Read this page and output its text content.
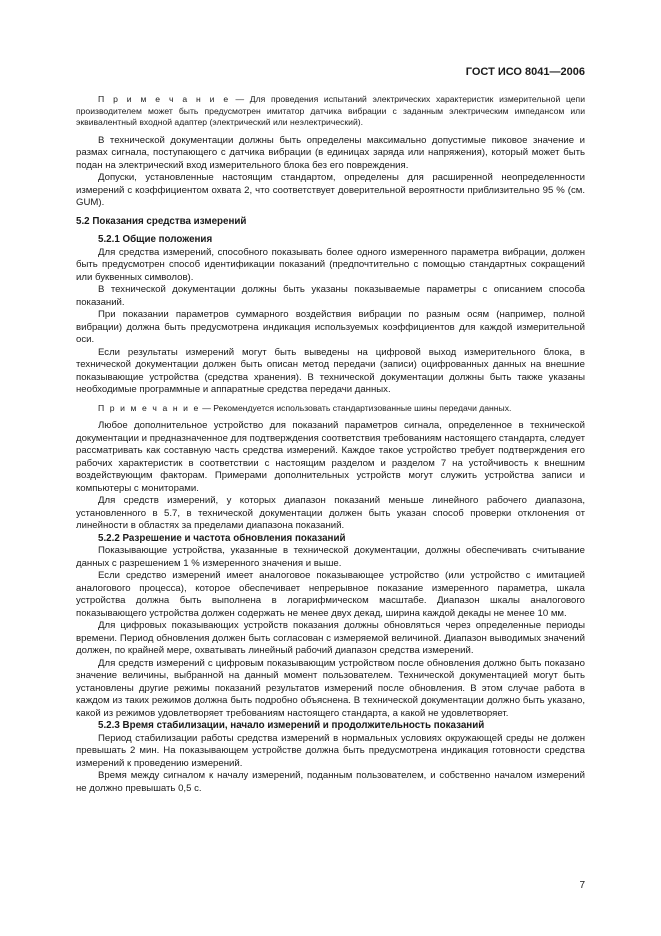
ГОСТ ИСО 8041—2006

П р и м е ч а н и е — Для проведения испытаний электрических характеристик измерительной цепи производителем может быть предусмотрен имитатор датчика вибрации с заданным электрическим импедансом или эквивалентный входной адаптер (электрический или неэлектрический).

В технической документации должны быть определены максимально допустимые пиковое значение и размах сигнала, поступающего с датчика вибрации (в единицах заряда или напряжения), который может быть подан на электрический вход измерительного блока без его повреждения.

Допуски, установленные настоящим стандартом, определены для расширенной неопределенности измерений с коэффициентом охвата 2, что соответствует доверительной вероятности приблизительно 95 % (см. GUM).

5.2 Показания средства измерений

5.2.1 Общие положения

Для средства измерений, способного показывать более одного измеренного параметра вибрации, должен быть предусмотрен способ идентификации показаний (предпочтительно с помощью стандартных сокращений или буквенных символов).

В технической документации должны быть указаны показываемые параметры с описанием способа показаний.

При показании параметров суммарного воздействия вибрации по разным осям (например, полной вибрации) должна быть предусмотрена индикация используемых коэффициентов для каждой измерительной оси.

Если результаты измерений могут быть выведены на цифровой выход измерительного блока, в технической документации должен быть описан метод передачи (записи) оцифрованных данных на внешние показывающие устройства (средства хранения). В технической документации должны быть также указаны необходимые программные и аппаратные средства передачи данных.

П р и м е ч а н и е — Рекомендуется использовать стандартизованные шины передачи данных.

Любое дополнительное устройство для показаний параметров сигнала, определенное в технической документации и предназначенное для подтверждения соответствия требованиям настоящего стандарта, следует рассматривать как составную часть средства измерений. Каждое такое устройство требует подтверждения его рабочих характеристик в соответствии с настоящим разделом и разделом 7 на устойчивость к внешним воздействующим факторам. Примерами дополнительных устройств могут служить устройства записи и компьютеры с мониторами.

Для средств измерений, у которых диапазон показаний меньше линейного рабочего диапазона, установленного в 5.7, в технической документации должен быть указан способ проверки отклонения от линейности в областях за пределами диапазона показаний.

5.2.2 Разрешение и частота обновления показаний

Показывающие устройства, указанные в технической документации, должны обеспечивать считывание данных с разрешением 1 % измеренного значения и выше.

Если средство измерений имеет аналоговое показывающее устройство (или устройство с имитацией аналогового процесса), которое обеспечивает непрерывное показание измеренного параметра, шкала устройства должна быть выполнена в логарифмическом масштабе. Диапазон шкалы аналогового показывающего устройства должен содержать не менее двух декад, ширина каждой декады не менее 10 мм.

Для цифровых показывающих устройств показания должны обновляться через определенные периоды времени. Период обновления должен быть согласован с измеряемой величиной. Диапазон выводимых значений должен, по крайней мере, охватывать линейный рабочий диапазон средства измерений.

Для средств измерений с цифровым показывающим устройством после обновления должно быть показано значение величины, выбранной на данный момент пользователем. Технической документацией могут быть установлены другие режимы показаний результатов измерений после обновления. В этом случае работа в каждом из таких режимов должна быть подробно объяснена. В технической документации должно быть указано, какой из режимов удовлетворяет требованиям настоящего стандарта, а какой не удовлетворяет.

5.2.3 Время стабилизации, начало измерений и продолжительность показаний

Период стабилизации работы средства измерений в нормальных условиях окружающей среды не должен превышать 2 мин. На показывающем устройстве должна быть предусмотрена индикация готовности средства измерений к проведению измерений.

Время между сигналом к началу измерений, поданным пользователем, и собственно началом измерений не должно превышать 0,5 с.

7
